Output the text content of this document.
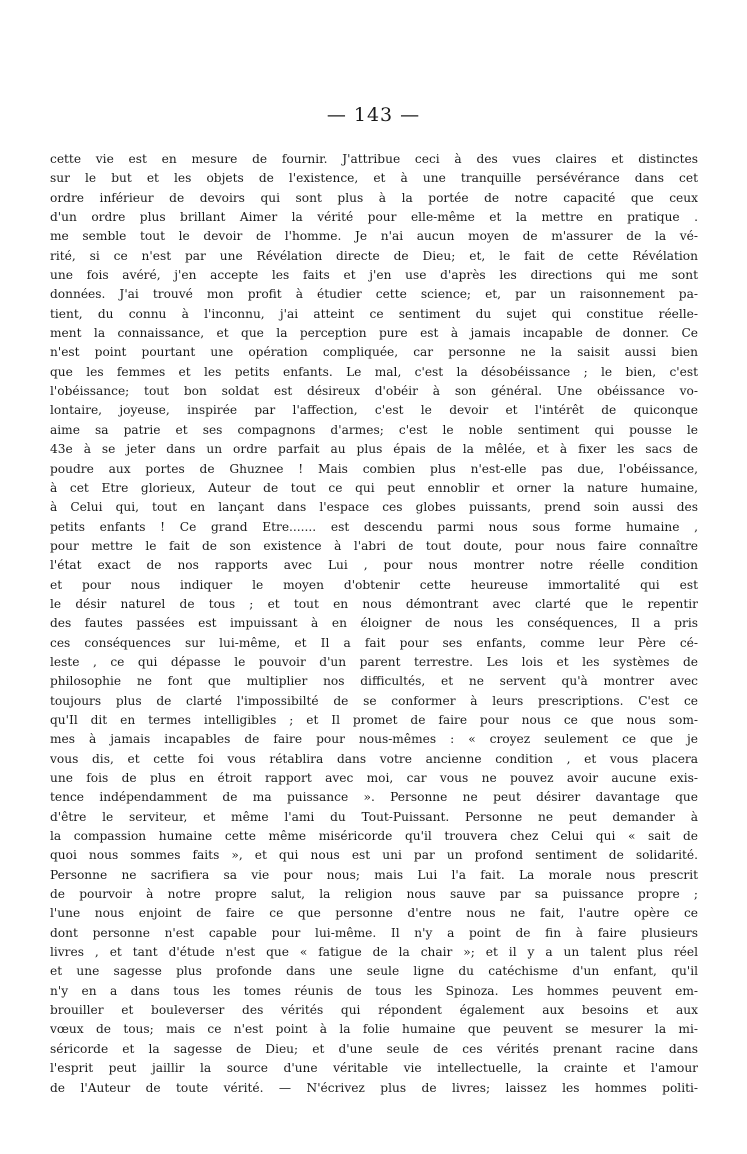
— 143 —
cette vie est en mesure de fournir. J'attribue ceci à des vues claires et distinctes
sur le but et les objets de l'existence, et à une tranquille persévérance dans cet
ordre inférieur de devoirs qui sont plus à la portée de notre capacité que ceux
d'un ordre plus brillant Aimer la vérité pour elle-même et la mettre en pratique .
me semble tout le devoir de l'homme. Je n'ai aucun moyen de m'assurer de la vé-
rité, si ce n'est par une Révélation directe de Dieu; et, le fait de cette Révélation
une fois avéré, j'en accepte les faits et j'en use d'après les directions qui me sont
données. J'ai trouvé mon profit à étudier cette science; et, par un raisonnement pa-
tient, du connu à l'inconnu, j'ai atteint ce sentiment du sujet qui constitue réelle-
ment la connaissance, et que la perception pure est à jamais incapable de donner. Ce
n'est point pourtant une opération compliquée, car personne ne la saisit aussi bien
que les femmes et les petits enfants. Le mal, c'est la désobéissance ; le bien, c'est
l'obéissance; tout bon soldat est désireux d'obéir à son général. Une obéissance vo-
lontaire, joyeuse, inspirée par l'affection, c'est le devoir et l'intérêt de quiconque
aime sa patrie et ses compagnons d'armes; c'est le noble sentiment qui pousse le
43e à se jeter dans un ordre parfait au plus épais de la mêlée, et à fixer les sacs de
poudre aux portes de Ghuznee ! Mais combien plus n'est-elle pas due, l'obéissance,
à cet Etre glorieux, Auteur de tout ce qui peut ennoblir et orner la nature humaine,
à Celui qui, tout en lançant dans l'espace ces globes puissants, prend soin aussi des
petits enfants ! Ce grand Etre....... est descendu parmi nous sous forme humaine ,
pour mettre le fait de son existence à l'abri de tout doute, pour nous faire connaître
l'état exact de nos rapports avec Lui , pour nous montrer notre réelle condition
et pour nous indiquer le moyen d'obtenir cette heureuse immortalité qui est
le désir naturel de tous ; et tout en nous démontrant avec clarté que le repentir
des fautes passées est impuissant à en éloigner de nous les conséquences, Il a pris
ces conséquences sur lui-même, et Il a fait pour ses enfants, comme leur Père cé-
leste , ce qui dépasse le pouvoir d'un parent terrestre. Les lois et les systèmes de
philosophie ne font que multiplier nos difficultés, et ne servent qu'à montrer avec
toujours plus de clarté l'impossibilté de se conformer à leurs prescriptions. C'est ce
qu'Il dit en termes intelligibles ; et Il promet de faire pour nous ce que nous som-
mes à jamais incapables de faire pour nous-mêmes : « croyez seulement ce que je
vous dis, et cette foi vous rétablira dans votre ancienne condition , et vous placera
une fois de plus en étroit rapport avec moi, car vous ne pouvez avoir aucune exis-
tence indépendamment de ma puissance ». Personne ne peut désirer davantage que
d'être le serviteur, et même l'ami du Tout-Puissant. Personne ne peut demander à
la compassion humaine cette même miséricorde qu'il trouvera chez Celui qui « sait de
quoi nous sommes faits », et qui nous est uni par un profond sentiment de solidarité.
Personne ne sacrifiera sa vie pour nous; mais Lui l'a fait. La morale nous prescrit
de pourvoir à notre propre salut, la religion nous sauve par sa puissance propre ;
l'une nous enjoint de faire ce que personne d'entre nous ne fait, l'autre opère ce
dont personne n'est capable pour lui-même. Il n'y a point de fin à faire plusieurs
livres , et tant d'étude n'est que « fatigue de la chair »; et il y a un talent plus réel
et une sagesse plus profonde dans une seule ligne du catéchisme d'un enfant, qu'il
n'y en a dans tous les tomes réunis de tous les Spinoza. Les hommes peuvent em-
brouiller et bouleverser des vérités qui répondent également aux besoins et aux
vœux de tous; mais ce n'est point à la folie humaine que peuvent se mesurer la mi-
séricorde et la sagesse de Dieu; et d'une seule de ces vérités prenant racine dans
l'esprit peut jaillir la source d'une véritable vie intellectuelle, la crainte et l'amour
de l'Auteur de toute vérité. — N'écrivez plus de livres; laissez les hommes politi-
